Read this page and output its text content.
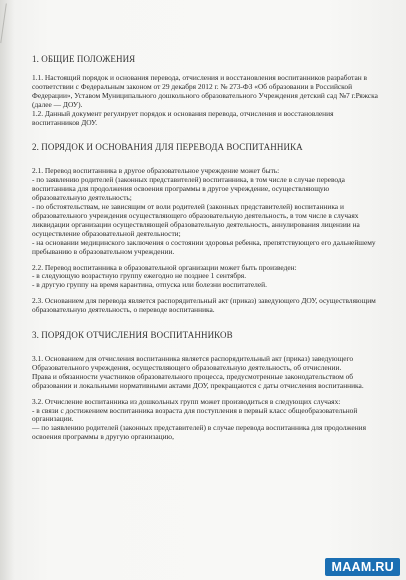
1. ОБЩИЕ ПОЛОЖЕНИЯ

1.1. Настоящий порядок и основания перевода, отчисления и восстановления воспитанников разработан в соответствии с Федеральным законом от 29 декабря 2012 г. № 273-ФЗ «Об образовании в Российской Федерации», Уставом Муниципального дошкольного образовательного Учреждения детский сад №7 г.Ряжска (далее — ДОУ).

1.2. Данный документ регулирует порядок и основания перевода, отчисления и восстановления воспитанников ДОУ.

2. ПОРЯДОК И ОСНОВАНИЯ ДЛЯ ПЕРЕВОДА ВОСПИТАННИКА

2.1. Перевод воспитанника в другое образовательное учреждение может быть:

- по заявлению родителей (законных представителей) воспитанника, в том числе в случае перевода воспитанника для продолжения освоения программы в другое учреждение, осуществляющую образовательную деятельность;

- по обстоятельствам, не зависящим от воли родителей (законных представителей) воспитанника и образовательного учреждения осуществляющего образовательную деятельность, в том числе в случаях ликвидации организации осуществляющей образовательную деятельность, аннулирования лицензии на осуществление образовательной деятельности;

- на основании медицинского заключения о состоянии здоровья ребенка, препятствующего его дальнейшему пребыванию в образовательном учреждении.

2.2. Перевод воспитанника в образовательной организации может быть произведен:

- в следующую возрастную группу ежегодно не позднее 1 сентября.

- в другую группу на время карантина, отпуска или болезни воспитателей.

2.3. Основанием для перевода является распорядительный акт (приказ) заведующего ДОУ, осуществляющим образовательную деятельность, о переводе воспитанника.

3. ПОРЯДОК ОТЧИСЛЕНИЯ ВОСПИТАННИКОВ

3.1. Основанием для отчисления воспитанника является распорядительный акт (приказ) заведующего Образовательного учреждения, осуществляющего образовательную деятельность, об отчислении.

Права и обязанности участников образовательного процесса, предусмотренные законодательством об образовании и локальными нормативными актами ДОУ, прекращаются с даты отчисления воспитанника.

3.2. Отчисление воспитанника из дошкольных групп может производиться в следующих случаях:

- в связи с достижением воспитанника возраста для поступления в первый класс общеобразовательной организации.

— по заявлению родителей (законных представителей) в случае перевода воспитанника для продолжения освоения программы в другую организацию,

MAAM.RU
